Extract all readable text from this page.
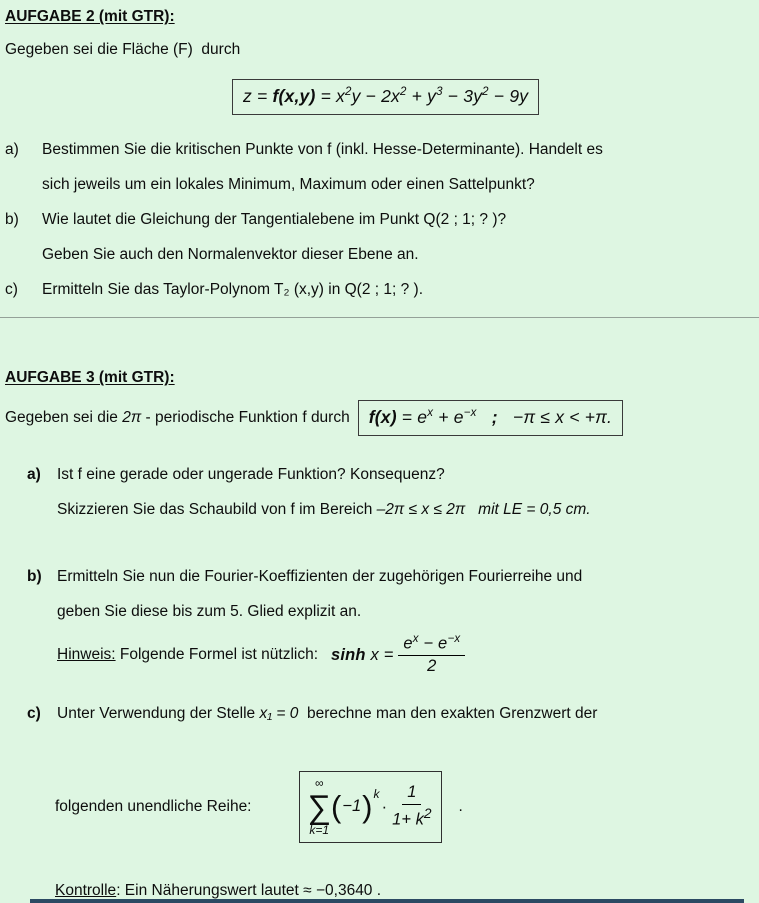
AUFGABE 2 (mit GTR):
Gegeben sei die Fläche (F)  durch
$z = f(x,y) = x^2y - 2x^2 + y^3 - 3y^2 - 9y$
a)	Bestimmen Sie die kritischen Punkte von f (inkl. Hesse-Determinante). Handelt es
sich jeweils um ein lokales Minimum, Maximum oder einen Sattelpunkt?
b)	Wie lautet die Gleichung der Tangentialebene im Punkt Q(2 ; 1; ? )?
Geben Sie auch den Normalenvektor dieser Ebene an.
c)	Ermitteln Sie das Taylor-Polynom T₂ (x,y) in Q(2 ; 1; ? ).
AUFGABE 3 (mit GTR):
Gegeben sei die 2π - periodische Funktion f durch	$f(x) = e^x + e^{-x}$   ;   −π ≤ x < +π.
a)	Ist f eine gerade oder ungerade Funktion? Konsequenz?
Skizzieren Sie das Schaubild von f im Bereich –2π ≤ x ≤ 2π   mit LE = 0,5 cm.
b) Ermitteln Sie nun die Fourier-Koeffizienten der zugehörigen Fourierreihe und
geben Sie diese bis zum 5. Glied explizit an.
Hinweis: Folgende Formel ist nützlich: $\sinh x = \frac{e^x - e^{-x}}{2}$
c)	Unter Verwendung der Stelle x₁ = 0  berechne man den exakten Grenzwert der
folgenden unendliche Reihe:
∞
∑
k=1
( −1 ) k
· $\frac{1}{1+ k^2}$ .
Kontrolle: Ein Näherungswert lautet ≈ −0,3640 .
